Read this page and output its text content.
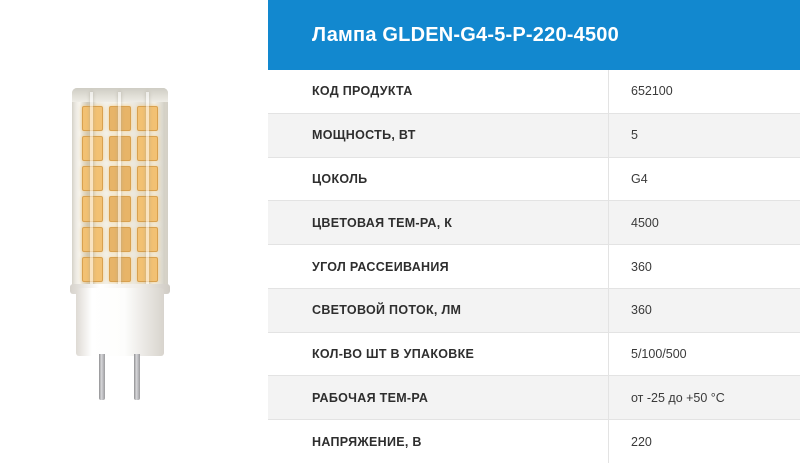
Лампа GLDEN-G4-5-P-220-4500
КОД ПРОДУКТА	652100
МОЩНОСТЬ, ВТ	5
ЦОКОЛЬ	G4
ЦВЕТОВАЯ ТЕМ-РА, К	4500
УГОЛ РАССЕИВАНИЯ	360
СВЕТОВОЙ ПОТОК, ЛМ	360
КОЛ-ВО ШТ В УПАКОВКЕ	5/100/500
РАБОЧАЯ ТЕМ-РА	от -25 до +50 °С
НАПРЯЖЕНИЕ, В	220
